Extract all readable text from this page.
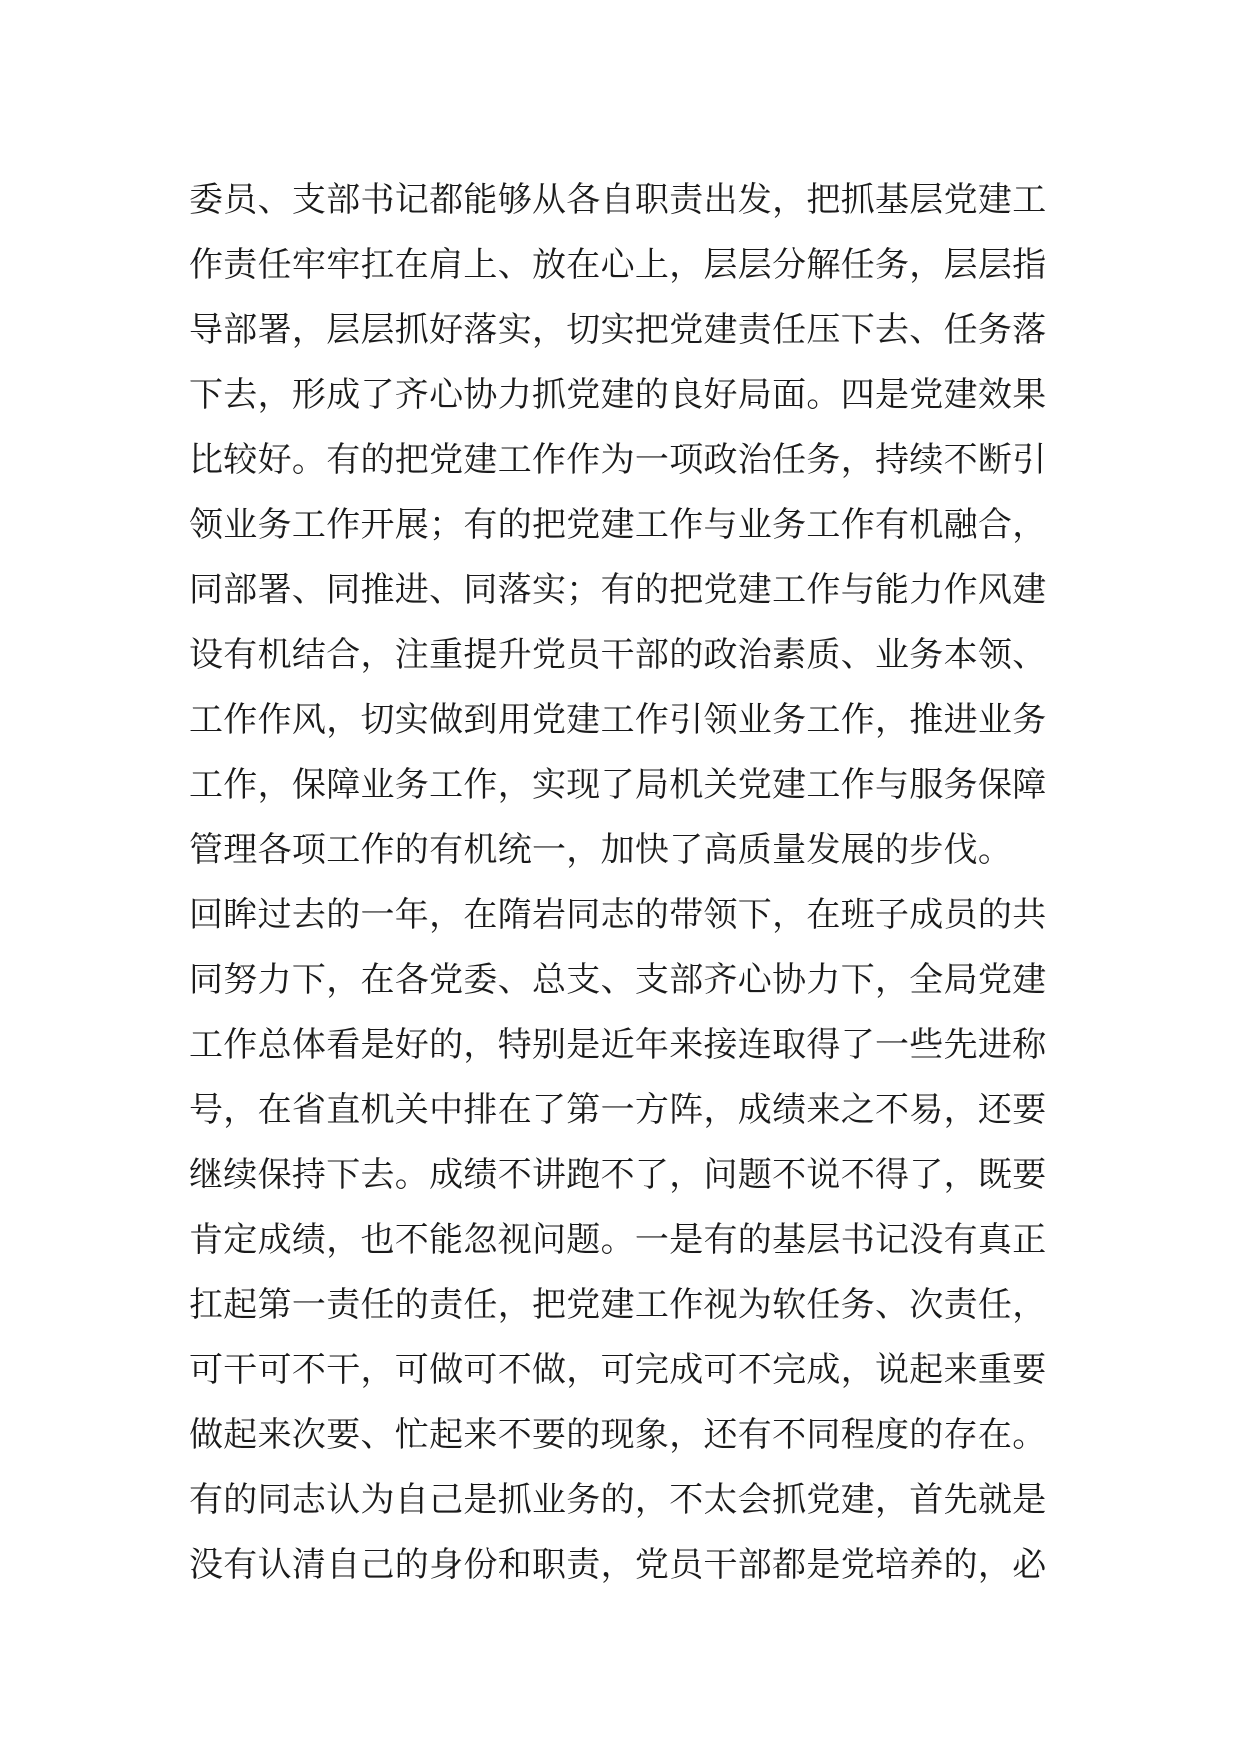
委员、支部书记都能够从各自职责出发，把抓基层党建工
作责任牢牢扛在肩上、放在心上，层层分解任务，层层指
导部署，层层抓好落实，切实把党建责任压下去、任务落
下去，形成了齐心协力抓党建的良好局面。四是党建效果
比较好。有的把党建工作作为一项政治任务，持续不断引
领业务工作开展；有的把党建工作与业务工作有机融合，
同部署、同推进、同落实；有的把党建工作与能力作风建
设有机结合，注重提升党员干部的政治素质、业务本领、
工作作风，切实做到用党建工作引领业务工作，推进业务
工作，保障业务工作，实现了局机关党建工作与服务保障
管理各项工作的有机统一，加快了高质量发展的步伐。
回眸过去的一年，在隋岩同志的带领下，在班子成员的共
同努力下，在各党委、总支、支部齐心协力下，全局党建
工作总体看是好的，特别是近年来接连取得了一些先进称
号，在省直机关中排在了第一方阵，成绩来之不易，还要
继续保持下去。成绩不讲跑不了，问题不说不得了，既要
肯定成绩，也不能忽视问题。一是有的基层书记没有真正
扛起第一责任的责任，把党建工作视为软任务、次责任，
可干可不干，可做可不做，可完成可不完成，说起来重要
做起来次要、忙起来不要的现象，还有不同程度的存在。
有的同志认为自己是抓业务的，不太会抓党建，首先就是
没有认清自己的身份和职责，党员干部都是党培养的，必
